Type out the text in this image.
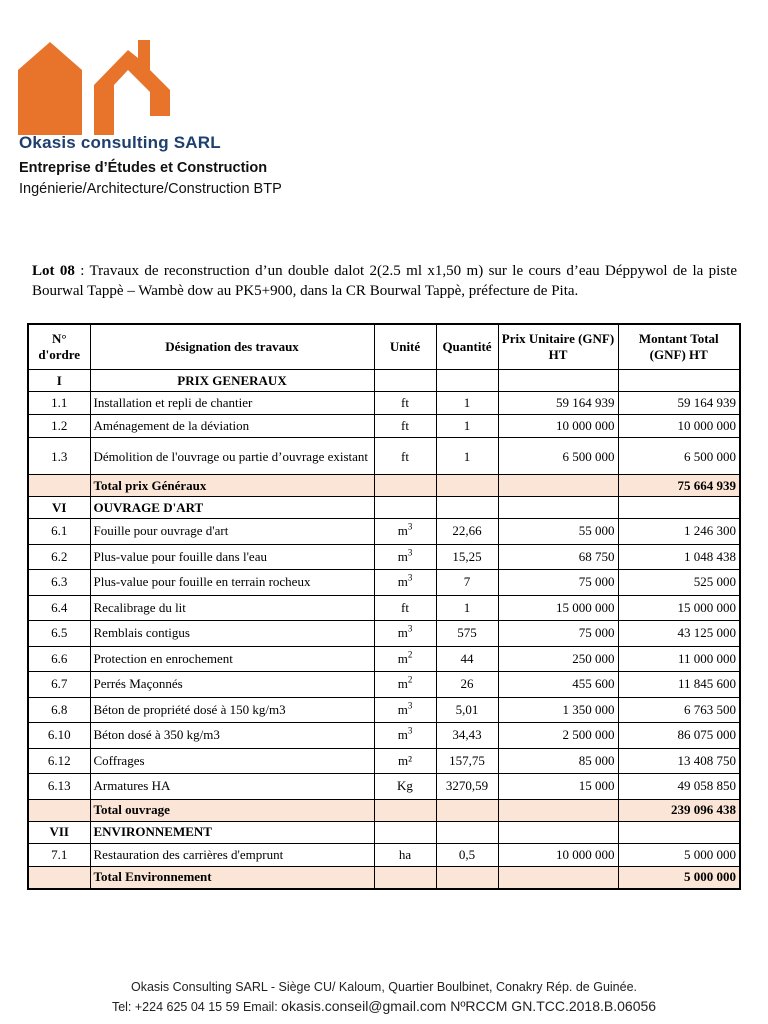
Okasis consulting SARL
Entreprise d’Études et Construction
Ingénierie/Architecture/Construction BTP
Lot 08 : Travaux de reconstruction d’un double dalot 2(2.5 ml x1,50 m) sur le cours d’eau Déppywol de la piste Bourwal Tappè – Wambè dow au PK5+900, dans la CR Bourwal Tappè, préfecture de Pita.
N° d'ordre	Désignation des travaux	Unité	Quantité	Prix Unitaire (GNF) HT	Montant Total (GNF) HT
I	PRIX GENERAUX				
1.1	Installation et repli de chantier	ft	1	59 164 939	59 164 939
1.2	Aménagement de la déviation	ft	1	10 000 000	10 000 000
1.3	Démolition de l'ouvrage ou partie d’ouvrage existant	ft	1	6 500 000	6 500 000
	Total prix Généraux				75 664 939
VI	OUVRAGE D'ART				
6.1	Fouille pour ouvrage d'art	$m^3$	22,66	55 000	1 246 300
6.2	Plus-value pour fouille dans l'eau	$m^3$	15,25	68 750	1 048 438
6.3	Plus-value pour fouille en terrain rocheux	$m^3$	7	75 000	525 000
6.4	Recalibrage du lit	ft	1	15 000 000	15 000 000
6.5	Remblais contigus	$m^3$	575	75 000	43 125 000
6.6	Protection en enrochement	$m^2$	44	250 000	11 000 000
6.7	Perrés Maçonnés	$m^2$	26	455 600	11 845 600
6.8	Béton de propriété dosé à 150 kg/m3	$m^3$	5,01	1 350 000	6 763 500
6.10	Béton dosé à 350 kg/m3	$m^3$	34,43	2 500 000	86 075 000
6.12	Coffrages	m²	157,75	85 000	13 408 750
6.13	Armatures HA	Kg	3270,59	15 000	49 058 850
	Total ouvrage				239 096 438
VII	ENVIRONNEMENT				
7.1	Restauration des carrières d'emprunt	ha	0,5	10 000 000	5 000 000
	Total Environnement				5 000 000
Okasis Consulting SARL - Siège CU/ Kaloum, Quartier Boulbinet, Conakry Rép. de Guinée.
Tel: +224 625 04 15 59 Email: okasis.conseil@gmail.com NºRCCM GN.TCC.2018.B.06056
